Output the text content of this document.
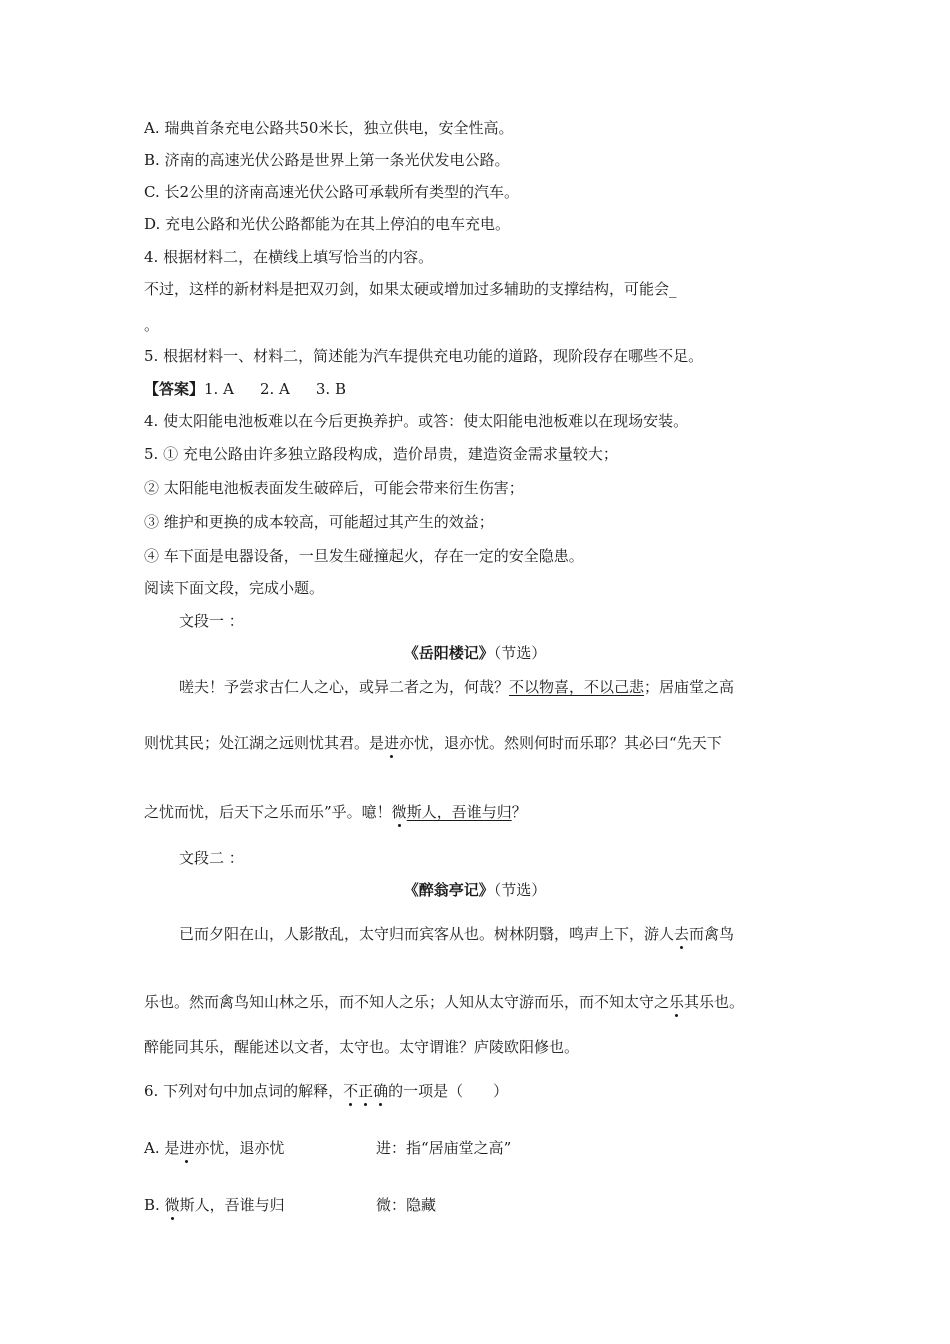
A. 瑞典首条充电公路共50米长，独立供电，安全性高。
B. 济南的高速光伏公路是世界上第一条光伏发电公路。
C. 长2公里的济南高速光伏公路可承载所有类型的汽车。
D. 充电公路和光伏公路都能为在其上停泊的电车充电。
4. 根据材料二，在横线上填写恰当的内容。
不过，这样的新材料是把双刃剑，如果太硬或增加过多辅助的支撑结构，可能会_
。
5. 根据材料一、材料二，简述能为汽车提供充电功能的道路，现阶段存在哪些不足。
【答案】1. A 2. A 3. B
4. 使太阳能电池板难以在今后更换养护。或答：使太阳能电池板难以在现场安装。
5. ① 充电公路由许多独立路段构成，造价昂贵，建造资金需求量较大；
② 太阳能电池板表面发生破碎后，可能会带来衍生伤害；
③ 维护和更换的成本较高，可能超过其产生的效益；
④ 车下面是电器设备，一旦发生碰撞起火，存在一定的安全隐患。
阅读下面文段，完成小题。
文段一 ：
《岳阳楼记》（节选）
嗟夫！予尝求古仁人之心，或异二者之为，何哉？不以物喜，不以己悲；居庙堂之高
则忧其民；处江湖之远则忧其君。是进亦忧，退亦忧。然则何时而乐耶？其必曰“先天下
之忧而忧，后天下之乐而乐”乎。噫！微斯人，吾谁与归？
文段二 ：
《醉翁亭记》（节选）
已而夕阳在山，人影散乱，太守归而宾客从也。树林阴翳，鸣声上下，游人去而禽鸟
乐也。然而禽鸟知山林之乐，而不知人之乐；人知从太守游而乐，而不知太守之乐其乐也。
醉能同其乐，醒能述以文者，太守也。太守谓谁？庐陵欧阳修也。
6. 下列对句中加点词的解释，不正确的一项是（　　）
A. 是进亦忧，退亦忧	进：指“居庙堂之高”
B. 微斯人，吾谁与归	微：隐藏
